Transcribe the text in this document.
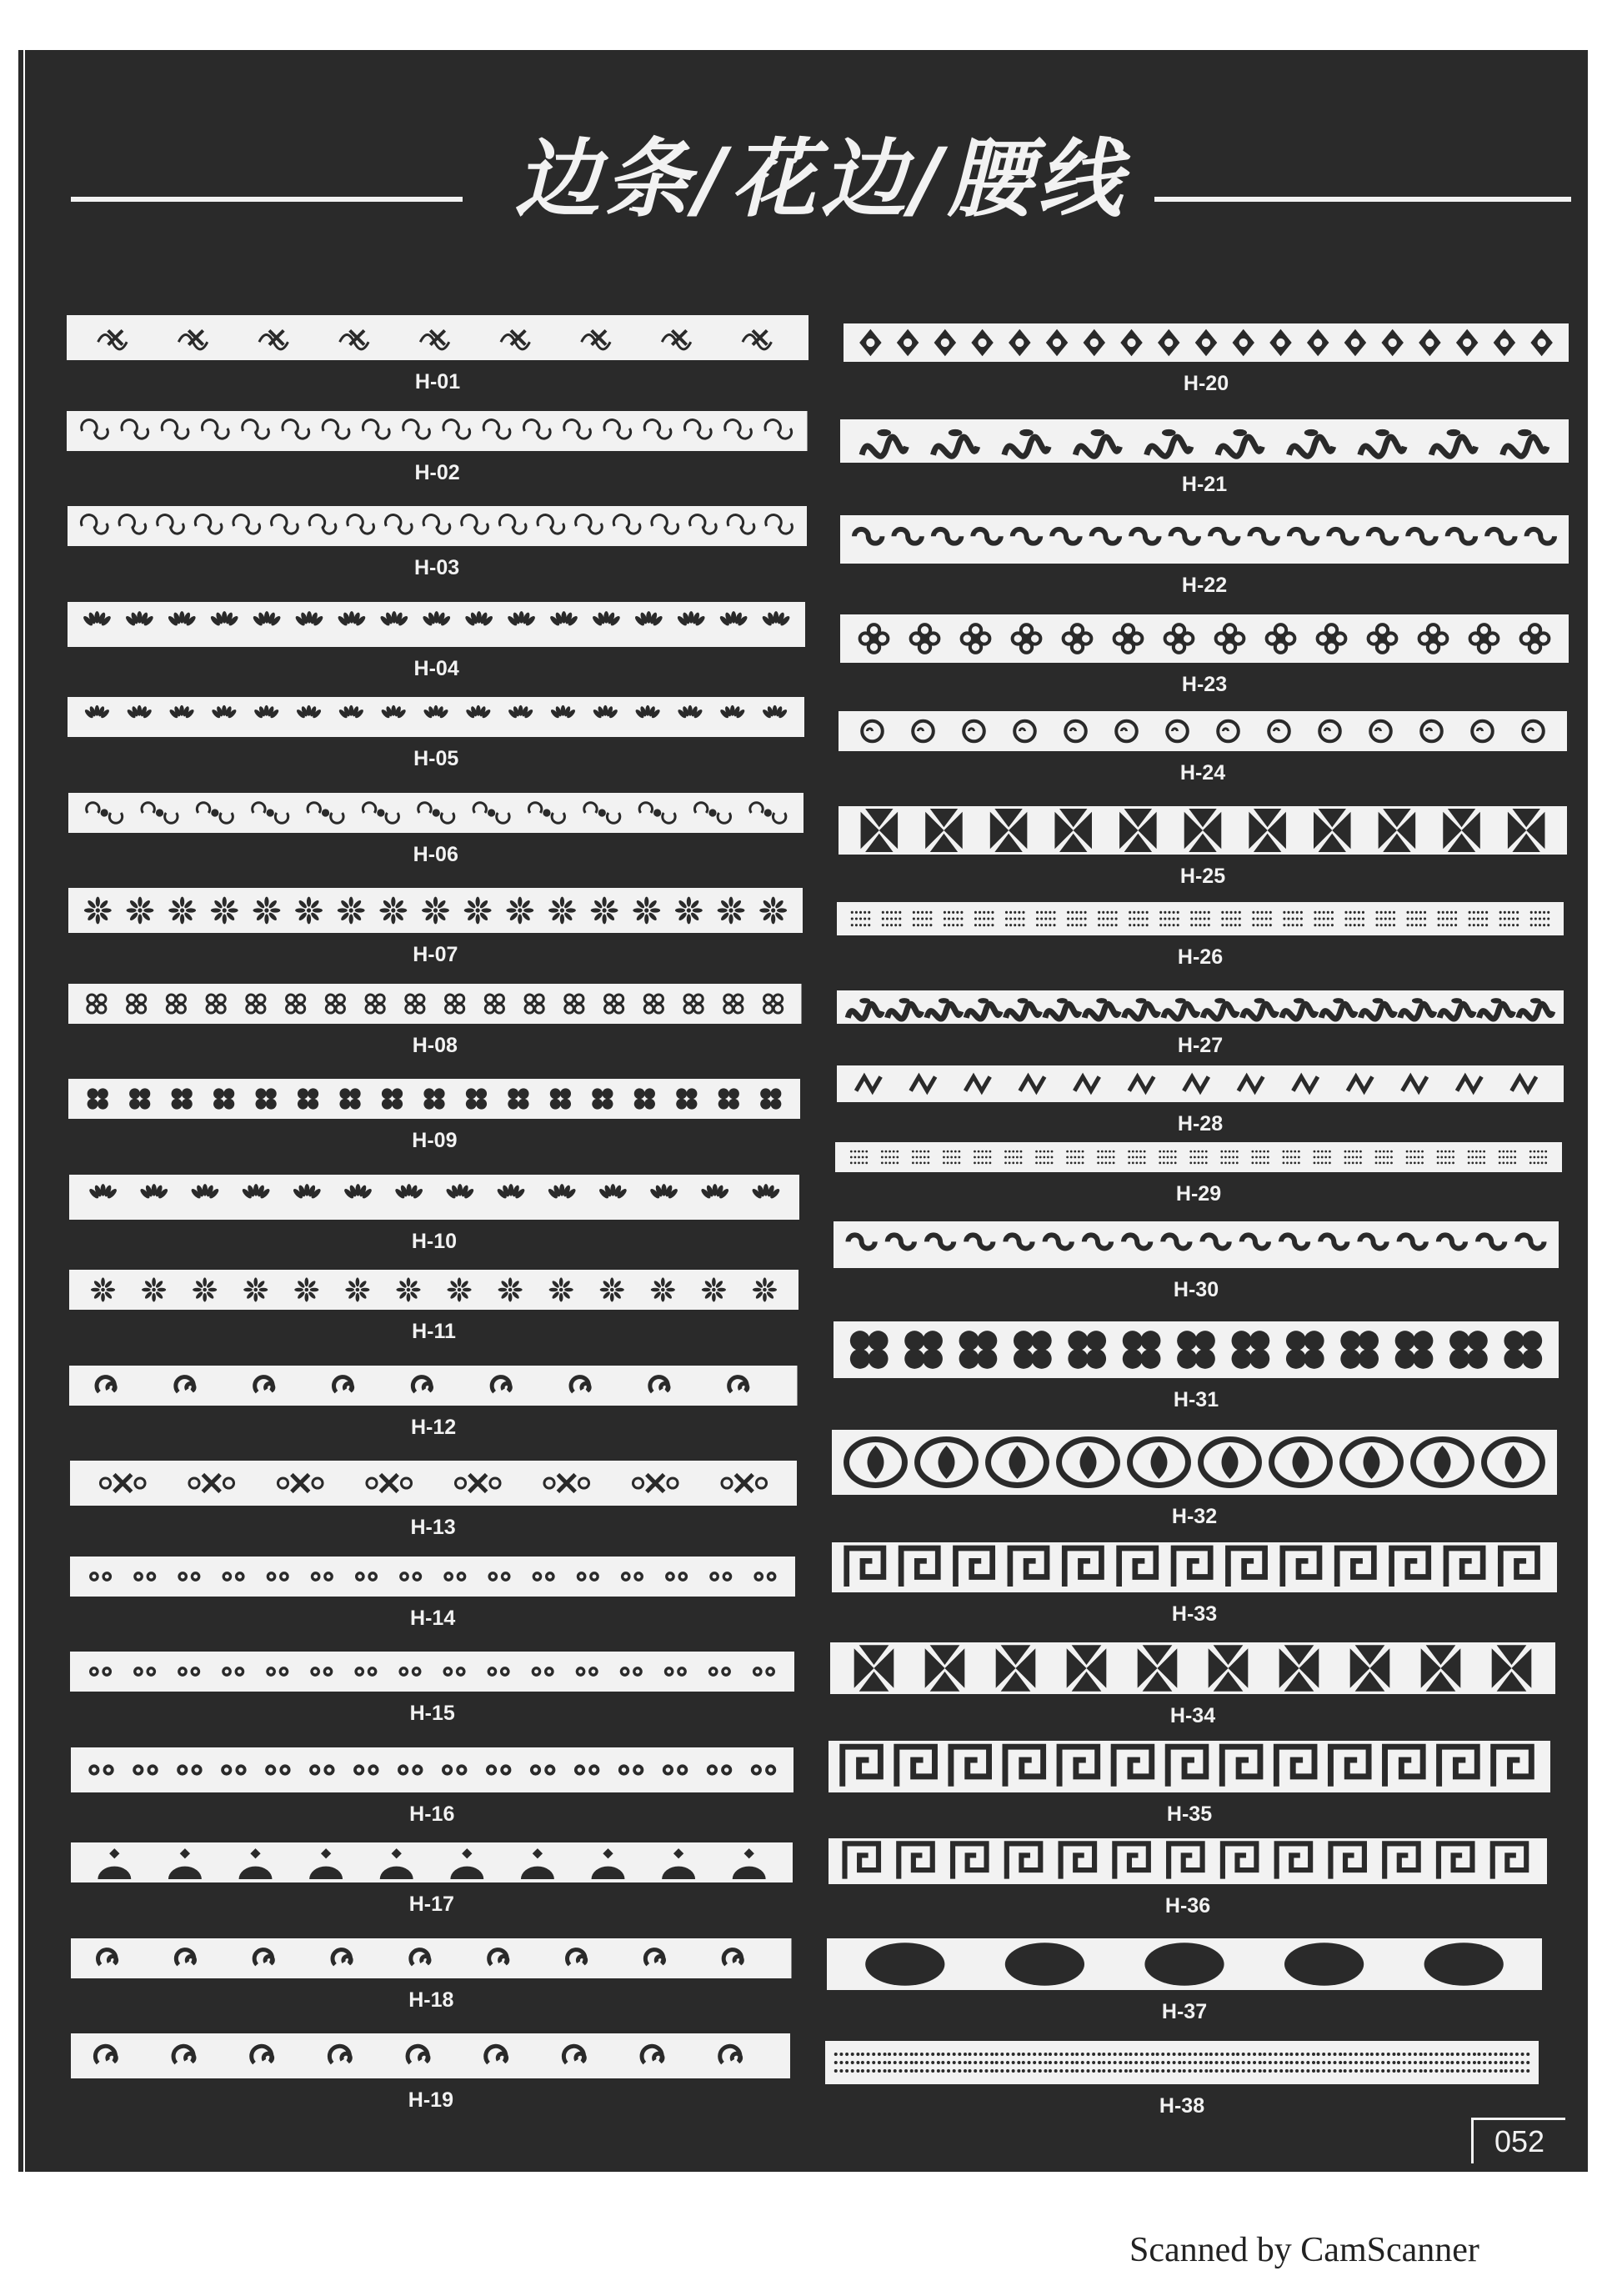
边条/花边/腰线
H-01
H-02
H-03
H-04
H-05
H-06
H-07
H-08
H-09
H-10
H-11
H-12
H-13
H-14
H-15
H-16
H-17
H-18
H-19
H-20
H-21
H-22
H-23
H-24
H-25
H-26
H-27
H-28
H-29
H-30
H-31
H-32
H-33
H-34
H-35
H-36
H-37
H-38
052
Scanned by CamScanner
